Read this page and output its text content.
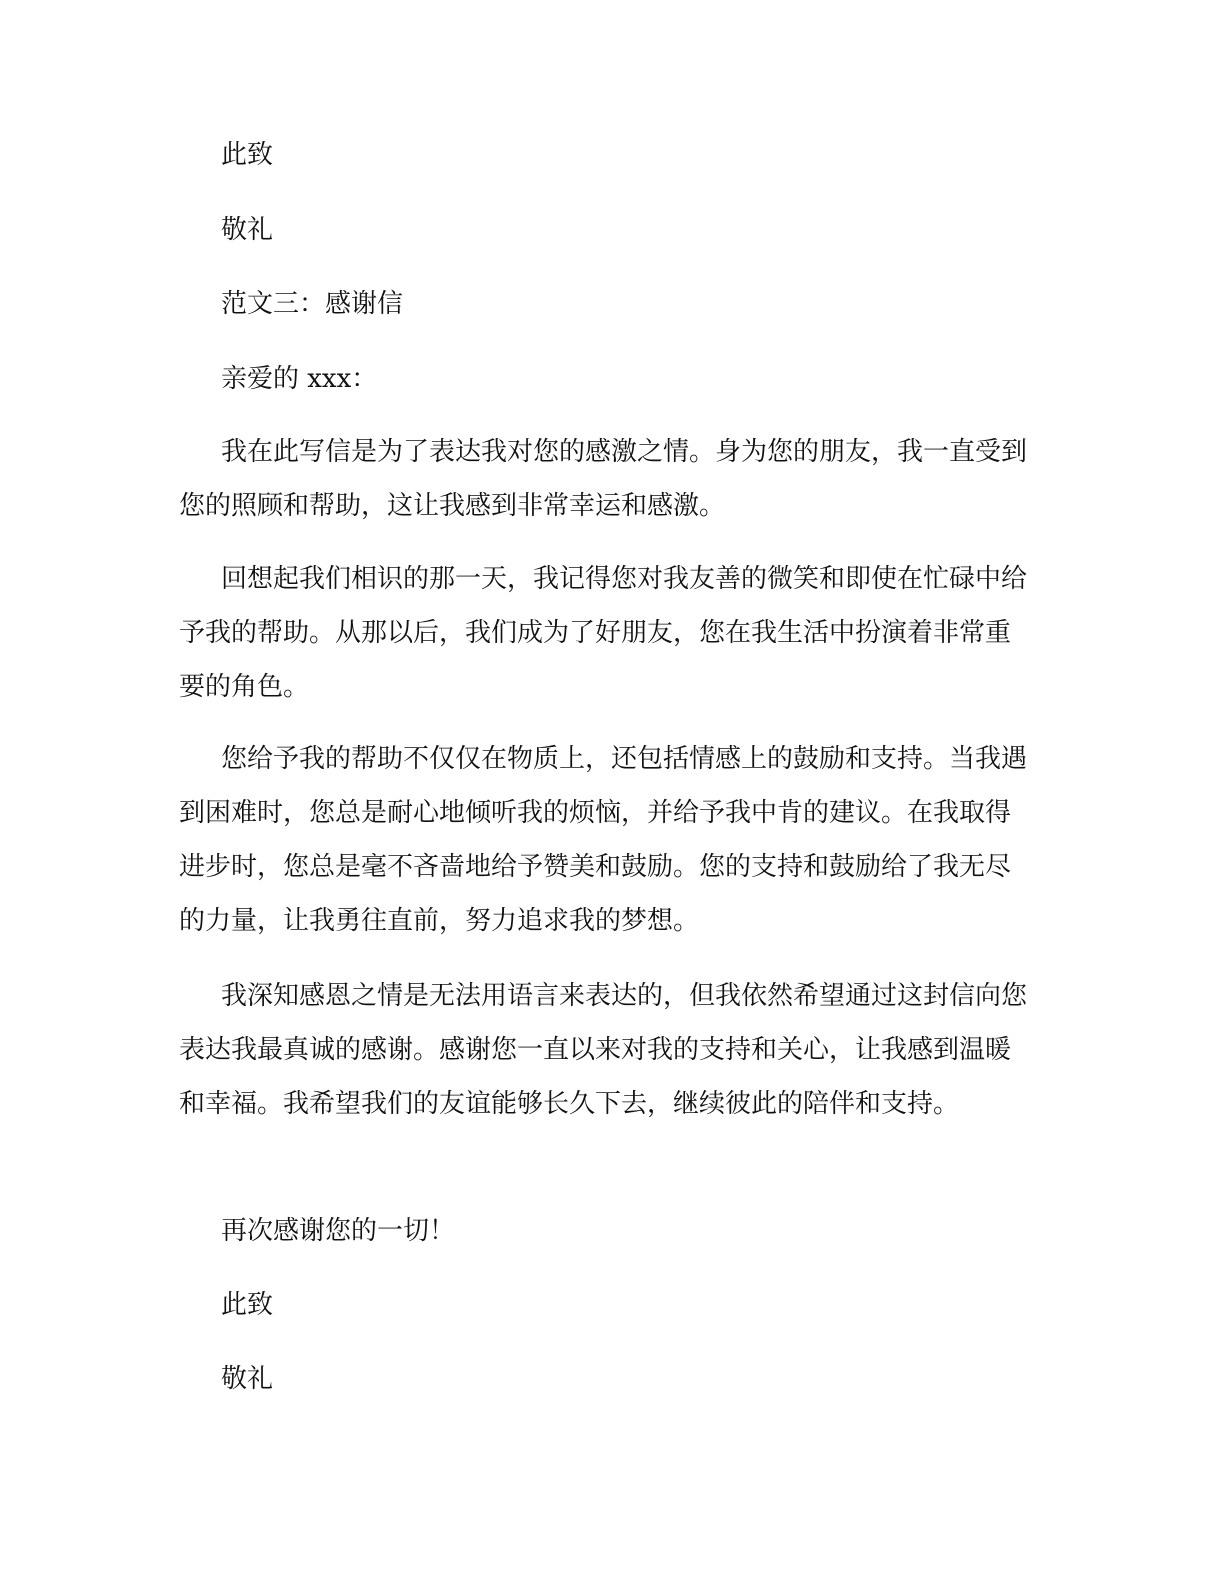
此致
敬礼
范文三：感谢信
亲爱的 xxx：
我在此写信是为了表达我对您的感激之情。身为您的朋友，我一直受到您的照顾和帮助，这让我感到非常幸运和感激。
回想起我们相识的那一天，我记得您对我友善的微笑和即使在忙碌中给予我的帮助。从那以后，我们成为了好朋友，您在我生活中扮演着非常重要的角色。
您给予我的帮助不仅仅在物质上，还包括情感上的鼓励和支持。当我遇到困难时，您总是耐心地倾听我的烦恼，并给予我中肯的建议。在我取得进步时，您总是毫不吝啬地给予赞美和鼓励。您的支持和鼓励给了我无尽的力量，让我勇往直前，努力追求我的梦想。
我深知感恩之情是无法用语言来表达的，但我依然希望通过这封信向您表达我最真诚的感谢。感谢您一直以来对我的支持和关心，让我感到温暖和幸福。我希望我们的友谊能够长久下去，继续彼此的陪伴和支持。
再次感谢您的一切！
此致
敬礼
